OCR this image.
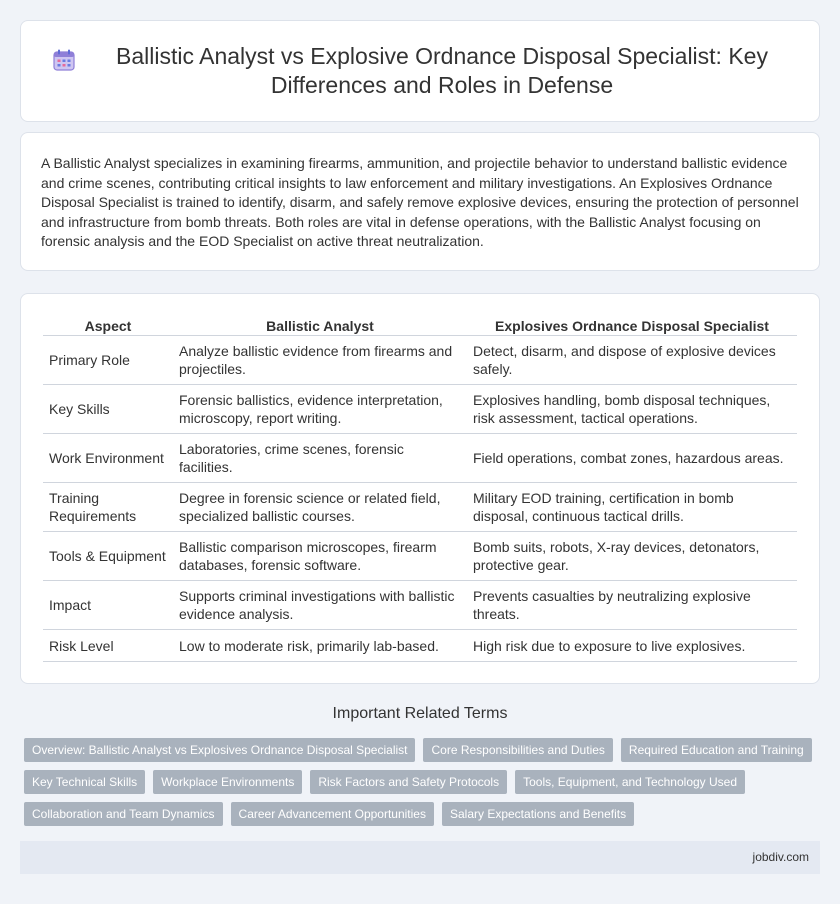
Ballistic Analyst vs Explosive Ordnance Disposal Specialist: Key Differences and Roles in Defense

A Ballistic Analyst specializes in examining firearms, ammunition, and projectile behavior to understand ballistic evidence and crime scenes, contributing critical insights to law enforcement and military investigations. An Explosives Ordnance Disposal Specialist is trained to identify, disarm, and safely remove explosive devices, ensuring the protection of personnel and infrastructure from bomb threats. Both roles are vital in defense operations, with the Ballistic Analyst focusing on forensic analysis and the EOD Specialist on active threat neutralization.

Aspect	Ballistic Analyst	Explosives Ordnance Disposal Specialist
Primary Role	Analyze ballistic evidence from firearms and projectiles.	Detect, disarm, and dispose of explosive devices safely.
Key Skills	Forensic ballistics, evidence interpretation, microscopy, report writing.	Explosives handling, bomb disposal techniques, risk assessment, tactical operations.
Work Environment	Laboratories, crime scenes, forensic facilities.	Field operations, combat zones, hazardous areas.
Training Requirements	Degree in forensic science or related field, specialized ballistic courses.	Military EOD training, certification in bomb disposal, continuous tactical drills.
Tools & Equipment	Ballistic comparison microscopes, firearm databases, forensic software.	Bomb suits, robots, X-ray devices, detonators, protective gear.
Impact	Supports criminal investigations with ballistic evidence analysis.	Prevents casualties by neutralizing explosive threats.
Risk Level	Low to moderate risk, primarily lab-based.	High risk due to exposure to live explosives.
Important Related Terms
Overview: Ballistic Analyst vs Explosives Ordnance Disposal Specialist	Core Responsibilities and Duties	Required Education and Training
Key Technical Skills	Workplace Environments	Risk Factors and Safety Protocols	Tools, Equipment, and Technology Used
Collaboration and Team Dynamics	Career Advancement Opportunities	Salary Expectations and Benefits
jobdiv.com
